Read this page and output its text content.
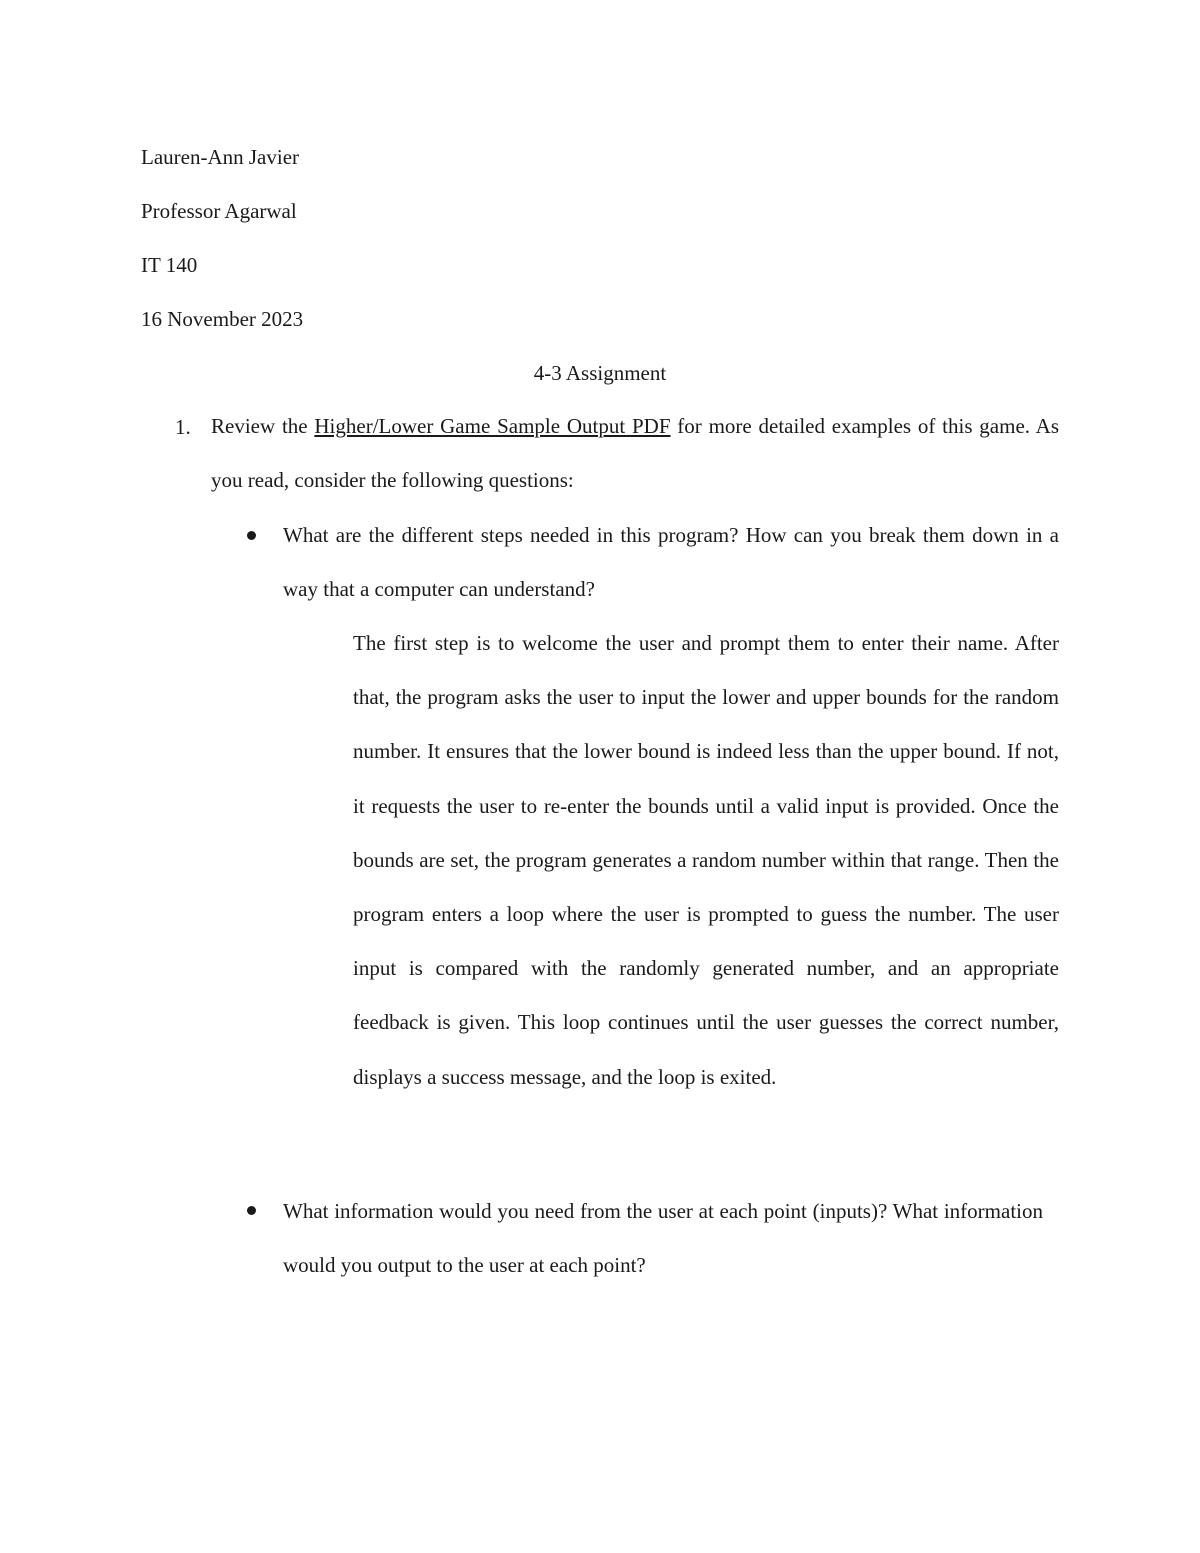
Lauren-Ann Javier

Professor Agarwal

IT 140

16 November 2023

4-3 Assignment

1. Review the Higher/Lower Game Sample Output PDF for more detailed examples of this game. As you read, consider the following questions:

What are the different steps needed in this program? How can you break them down in a way that a computer can understand?

The first step is to welcome the user and prompt them to enter their name. After that, the program asks the user to input the lower and upper bounds for the random number. It ensures that the lower bound is indeed less than the upper bound. If not, it requests the user to re-enter the bounds until a valid input is provided. Once the bounds are set, the program generates a random number within that range. Then the program enters a loop where the user is prompted to guess the number. The user input is compared with the randomly generated number, and an appropriate feedback is given. This loop continues until the user guesses the correct number, displays a success message, and the loop is exited.

What information would you need from the user at each point (inputs)? What information would you output to the user at each point?
